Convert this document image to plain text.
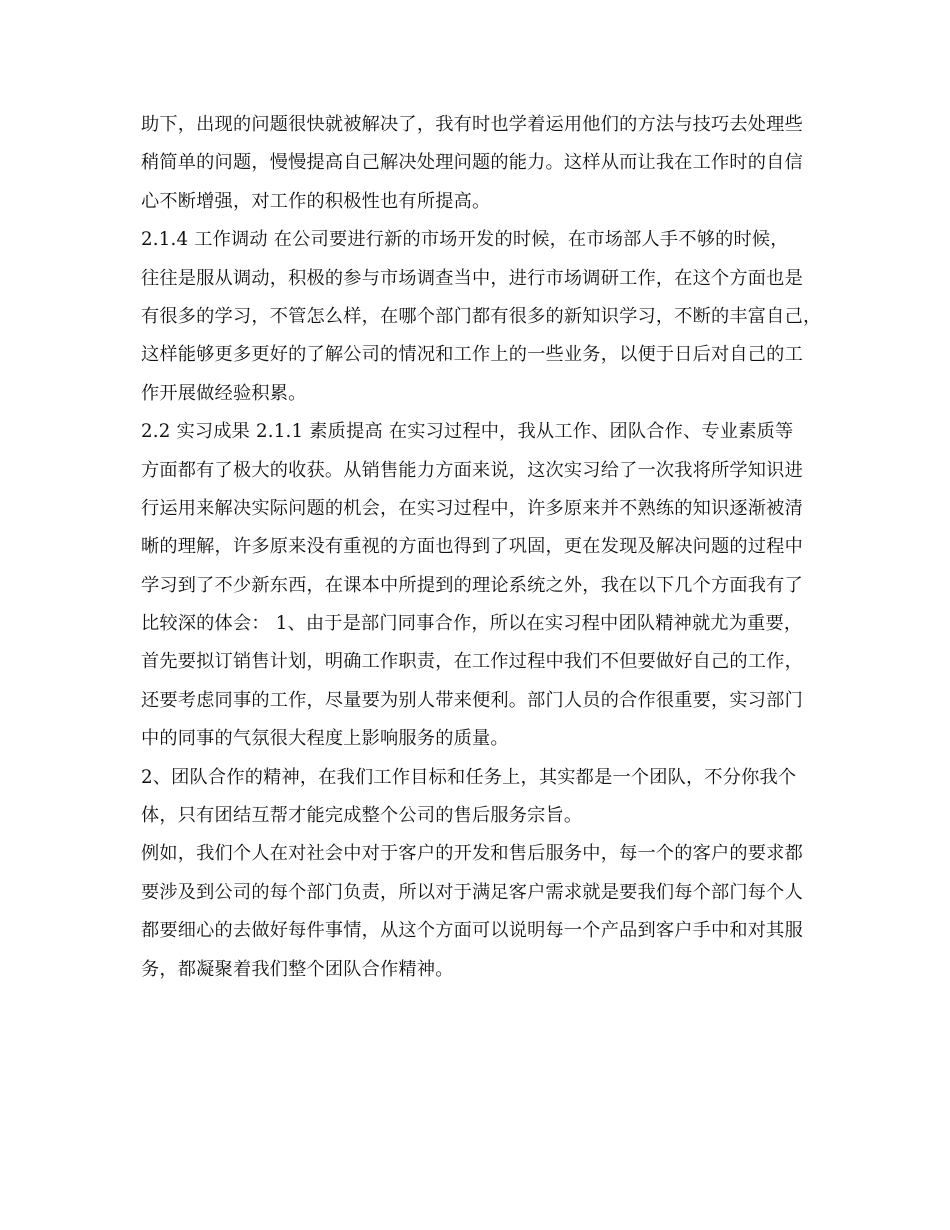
助下，出现的问题很快就被解决了，我有时也学着运用他们的方法与技巧去处理些
稍简单的问题，慢慢提高自己解决处理问题的能力。这样从而让我在工作时的自信
心不断增强，对工作的积极性也有所提高。
2.1.4 工作调动 在公司要进行新的市场开发的时候，在市场部人手不够的时候，
往往是服从调动，积极的参与市场调查当中，进行市场调研工作，在这个方面也是
有很多的学习，不管怎么样，在哪个部门都有很多的新知识学习，不断的丰富自己，
这样能够更多更好的了解公司的情况和工作上的一些业务，以便于日后对自己的工
作开展做经验积累。
2.2 实习成果 2.1.1 素质提高 在实习过程中，我从工作、团队合作、专业素质等
方面都有了极大的收获。从销售能力方面来说，这次实习给了一次我将所学知识进
行运用来解决实际问题的机会，在实习过程中，许多原来并不熟练的知识逐渐被清
晰的理解，许多原来没有重视的方面也得到了巩固，更在发现及解决问题的过程中
学习到了不少新东西，在课本中所提到的理论系统之外，我在以下几个方面我有了
比较深的体会： 1、由于是部门同事合作，所以在实习程中团队精神就尤为重要，
首先要拟订销售计划，明确工作职责，在工作过程中我们不但要做好自己的工作，
还要考虑同事的工作，尽量要为别人带来便利。部门人员的合作很重要，实习部门
中的同事的气氛很大程度上影响服务的质量。
2、团队合作的精神，在我们工作目标和任务上，其实都是一个团队，不分你我个
体，只有团结互帮才能完成整个公司的售后服务宗旨。
例如，我们个人在对社会中对于客户的开发和售后服务中，每一个的客户的要求都
要涉及到公司的每个部门负责，所以对于满足客户需求就是要我们每个部门每个人
都要细心的去做好每件事情，从这个方面可以说明每一个产品到客户手中和对其服
务，都凝聚着我们整个团队合作精神。
